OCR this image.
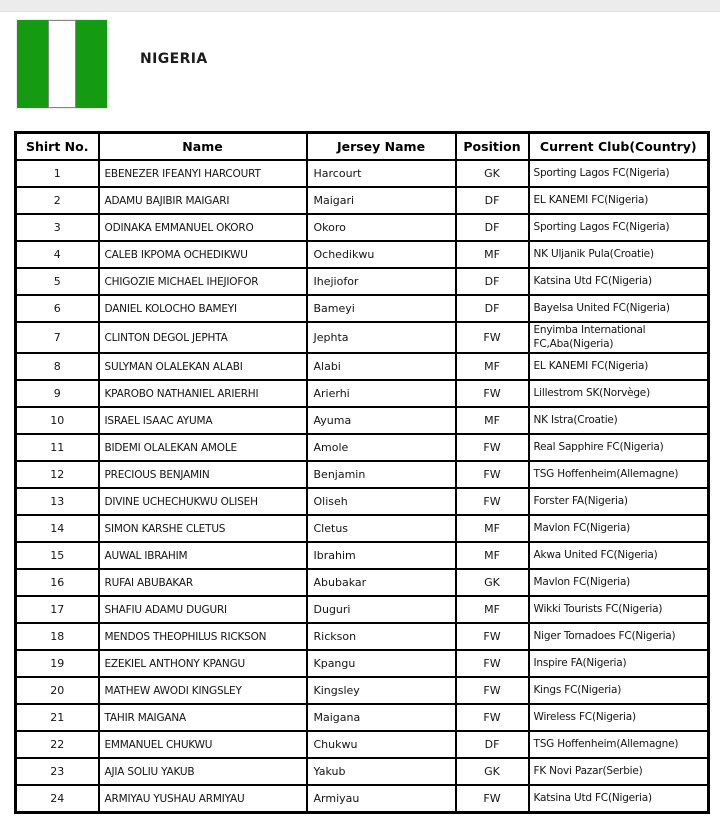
NIGERIA
Shirt No.	Name	Jersey Name	Position	Current Club(Country)
1	EBENEZER IFEANYI HARCOURT	Harcourt	GK	Sporting Lagos FC(Nigeria)
2	ADAMU BAJIBIR MAIGARI	Maigari	DF	EL KANEMI FC(Nigeria)
3	ODINAKA EMMANUEL OKORO	Okoro	DF	Sporting Lagos FC(Nigeria)
4	CALEB IKPOMA OCHEDIKWU	Ochedikwu	MF	NK Uljanik Pula(Croatie)
5	CHIGOZIE MICHAEL IHEJIOFOR	Ihejiofor	DF	Katsina Utd FC(Nigeria)
6	DANIEL KOLOCHO BAMEYI	Bameyi	DF	Bayelsa United FC(Nigeria)
7	CLINTON DEGOL JEPHTA	Jephta	FW	Enyimba International FC,Aba(Nigeria)
8	SULYMAN OLALEKAN ALABI	Alabi	MF	EL KANEMI FC(Nigeria)
9	KPAROBO NATHANIEL ARIERHI	Arierhi	FW	Lillestrom SK(Norvège)
10	ISRAEL ISAAC AYUMA	Ayuma	MF	NK Istra(Croatie)
11	BIDEMI OLALEKAN AMOLE	Amole	FW	Real Sapphire FC(Nigeria)
12	PRECIOUS BENJAMIN	Benjamin	FW	TSG Hoffenheim(Allemagne)
13	DIVINE UCHECHUKWU OLISEH	Oliseh	FW	Forster FA(Nigeria)
14	SIMON KARSHE CLETUS	Cletus	MF	Mavlon FC(Nigeria)
15	AUWAL IBRAHIM	Ibrahim	MF	Akwa United FC(Nigeria)
16	RUFAI ABUBAKAR	Abubakar	GK	Mavlon FC(Nigeria)
17	SHAFIU ADAMU DUGURI	Duguri	MF	Wikki Tourists FC(Nigeria)
18	MENDOS THEOPHILUS RICKSON	Rickson	FW	Niger Tornadoes FC(Nigeria)
19	EZEKIEL ANTHONY KPANGU	Kpangu	FW	Inspire FA(Nigeria)
20	MATHEW AWODI KINGSLEY	Kingsley	FW	Kings FC(Nigeria)
21	TAHIR MAIGANA	Maigana	FW	Wireless FC(Nigeria)
22	EMMANUEL CHUKWU	Chukwu	DF	TSG Hoffenheim(Allemagne)
23	AJIA SOLIU YAKUB	Yakub	GK	FK Novi Pazar(Serbie)
24	ARMIYAU YUSHAU ARMIYAU	Armiyau	FW	Katsina Utd FC(Nigeria)
